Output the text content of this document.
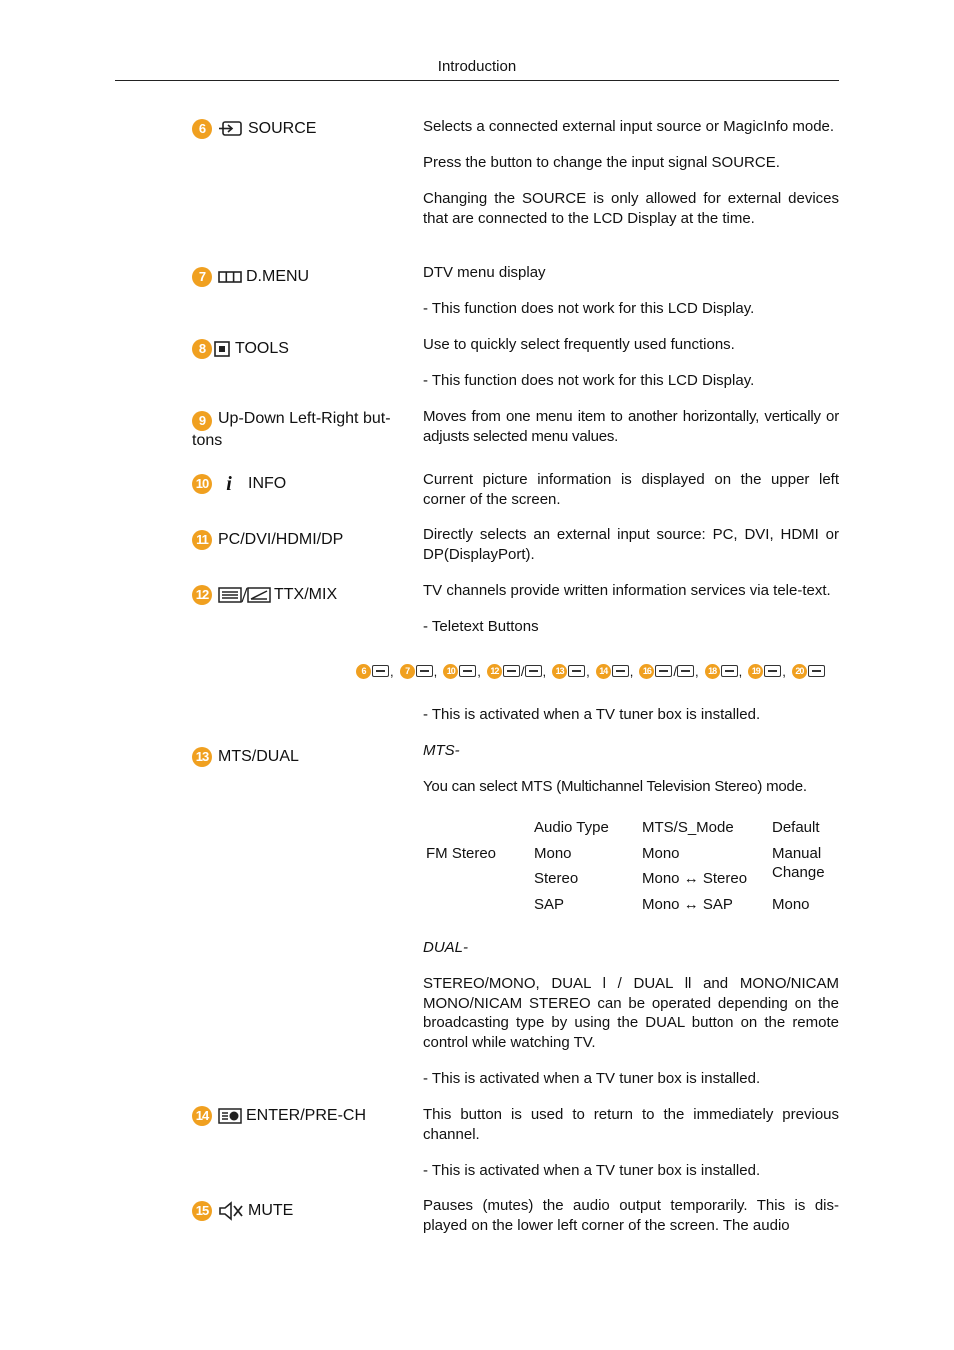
Introduction
6	SOURCE	Selects a connected external input source or MagicInfo mode.

Press the button to change the input signal SOURCE.

Changing the SOURCE is only allowed for external devices that are connected to the LCD Display at the time.

7	D.MENU	DTV menu display

- This function does not work for this LCD Display.

8	TOOLS	Use to quickly select frequently used functions.

- This function does not work for this LCD Display.

9 Up-Down Left-Right but-
tons

Moves from one menu item to another horizontally, vertically or adjusts selected menu values.

10 i	INFO	Current picture information is displayed on the upper left corner of the screen.

11 PC/DVI/HDMI/DP	Directly selects an external input source: PC, DVI, HDMI or DP(DisplayPort).

12	TTX/MIX	TV channels provide written information services via tele-text.

- Teletext Buttons

6	,	7	,	10 ,	12 / ,	13 ,	14 ,	16 / ,	18 ,	19 ,	20
- This is activated when a TV tuner box is installed.
13 MTS/DUAL	MTS-

You can select MTS (Multichannel Television Stereo) mode.

	Audio Type	MTS/S_Mode	Default
FM Stereo	Mono	Mono	Manual Change
	Stereo	Mono ↔ Stereo	
	SAP	Mono ↔ SAP	Mono

DUAL-

STEREO/MONO, DUAL l / DUAL ll and MONO/NICAM MONO/NICAM STEREO can be operated depending on the broadcasting type by using the DUAL button on the remote control while watching TV.

- This is activated when a TV tuner box is installed.

14 ENTER/PRE-CH	This button is used to return to the immediately previous channel.

- This is activated when a TV tuner box is installed.

15 MUTE	Pauses (mutes) the audio output temporarily. This is dis-played on the lower left corner of the screen. The audio
